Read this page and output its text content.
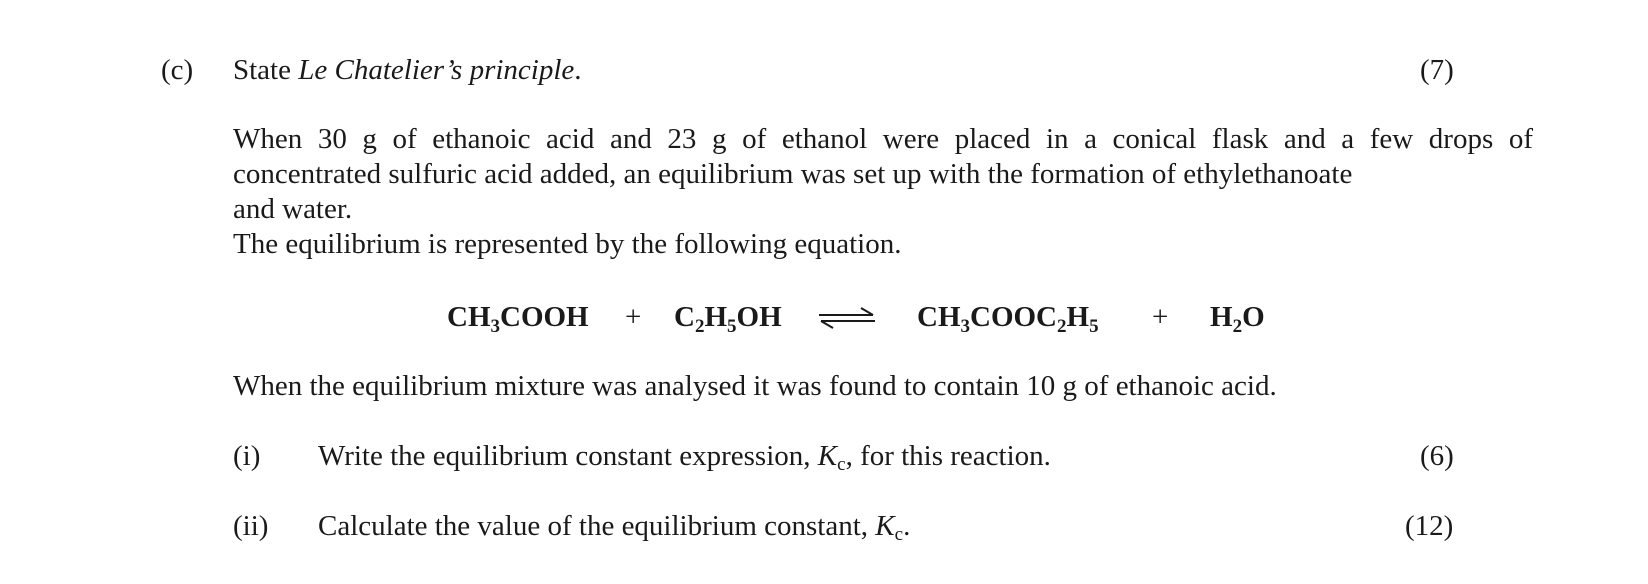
(c) State Le Chatelier’s principle.	(7)
When 30 g of ethanoic acid and 23 g of ethanol were placed in a conical flask and a few drops of
concentrated sulfuric acid added, an equilibrium was set up with the formation of ethylethanoate
and water.
The equilibrium is represented by the following equation.
$CH_3COOH + C_2H_5OH$ ⇌ $CH_3COOC_2H_5 + H_2O$
When the equilibrium mixture was analysed it was found to contain 10 g of ethanoic acid.
(i) Write the equilibrium constant expression, $K_c$, for this reaction.	(6)
(ii) Calculate the value of the equilibrium constant, $K_c$.	(12)
